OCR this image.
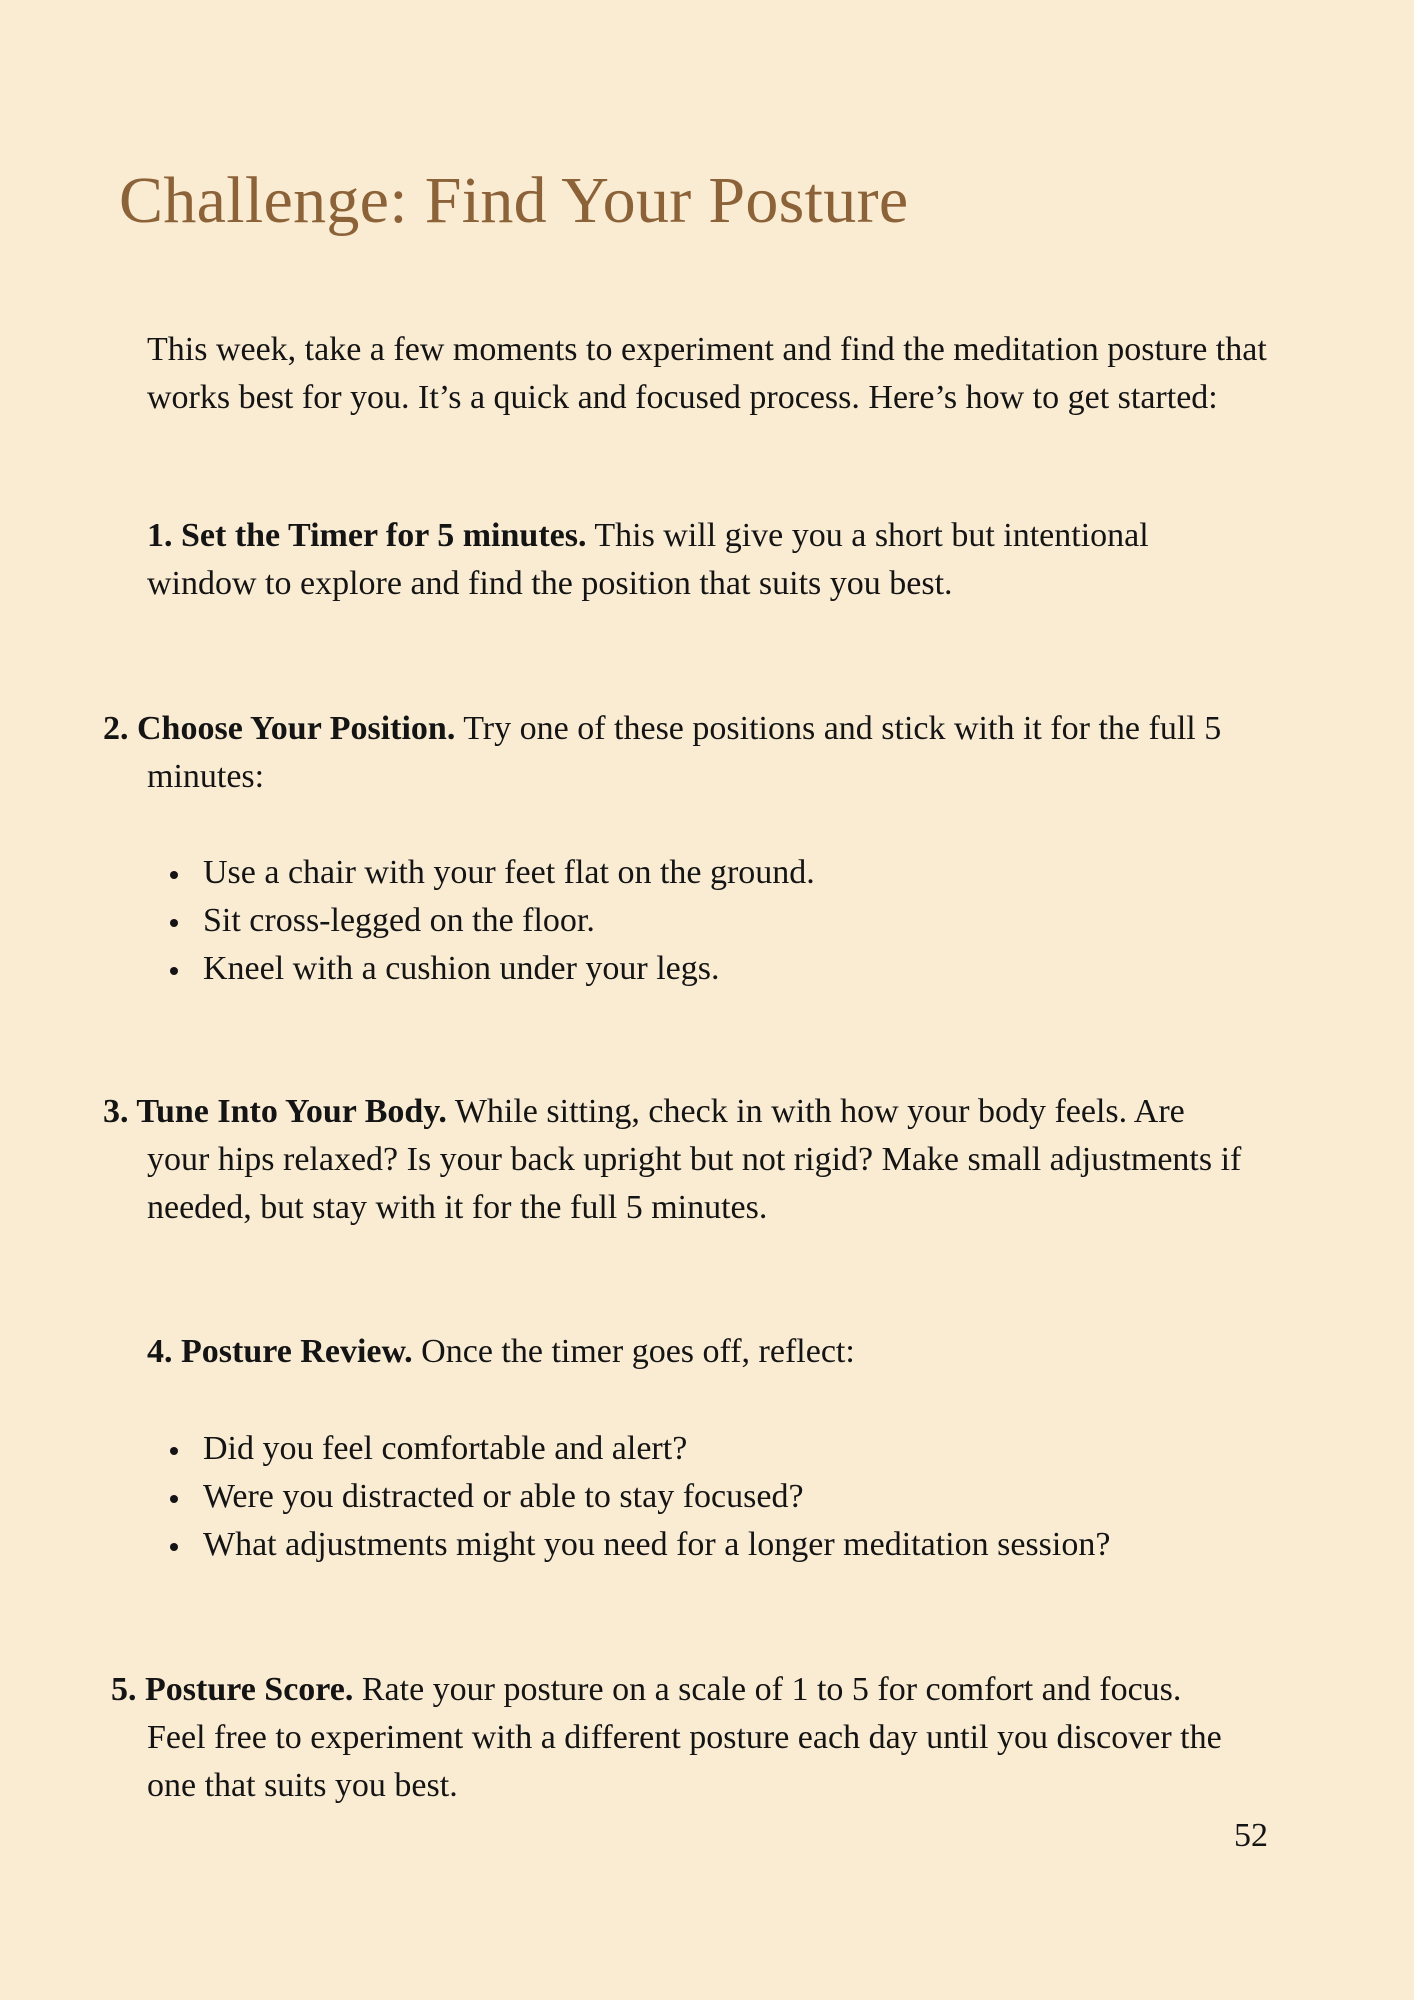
Challenge: Find Your Posture

This week, take a few moments to experiment and find the meditation posture that works best for you. It’s a quick and focused process. Here’s how to get started:

1. Set the Timer for 5 minutes. This will give you a short but intentional window to explore and find the position that suits you best.

2. Choose Your Position. Try one of these positions and stick with it for the full 5 minutes:

Use a chair with your feet flat on the ground.
Sit cross-legged on the floor.
Kneel with a cushion under your legs.

3. Tune Into Your Body. While sitting, check in with how your body feels. Are your hips relaxed? Is your back upright but not rigid? Make small adjustments if needed, but stay with it for the full 5 minutes.

4. Posture Review. Once the timer goes off, reflect:

Did you feel comfortable and alert?
Were you distracted or able to stay focused?
What adjustments might you need for a longer meditation session?

5. Posture Score. Rate your posture on a scale of 1 to 5 for comfort and focus. Feel free to experiment with a different posture each day until you discover the one that suits you best.

52
